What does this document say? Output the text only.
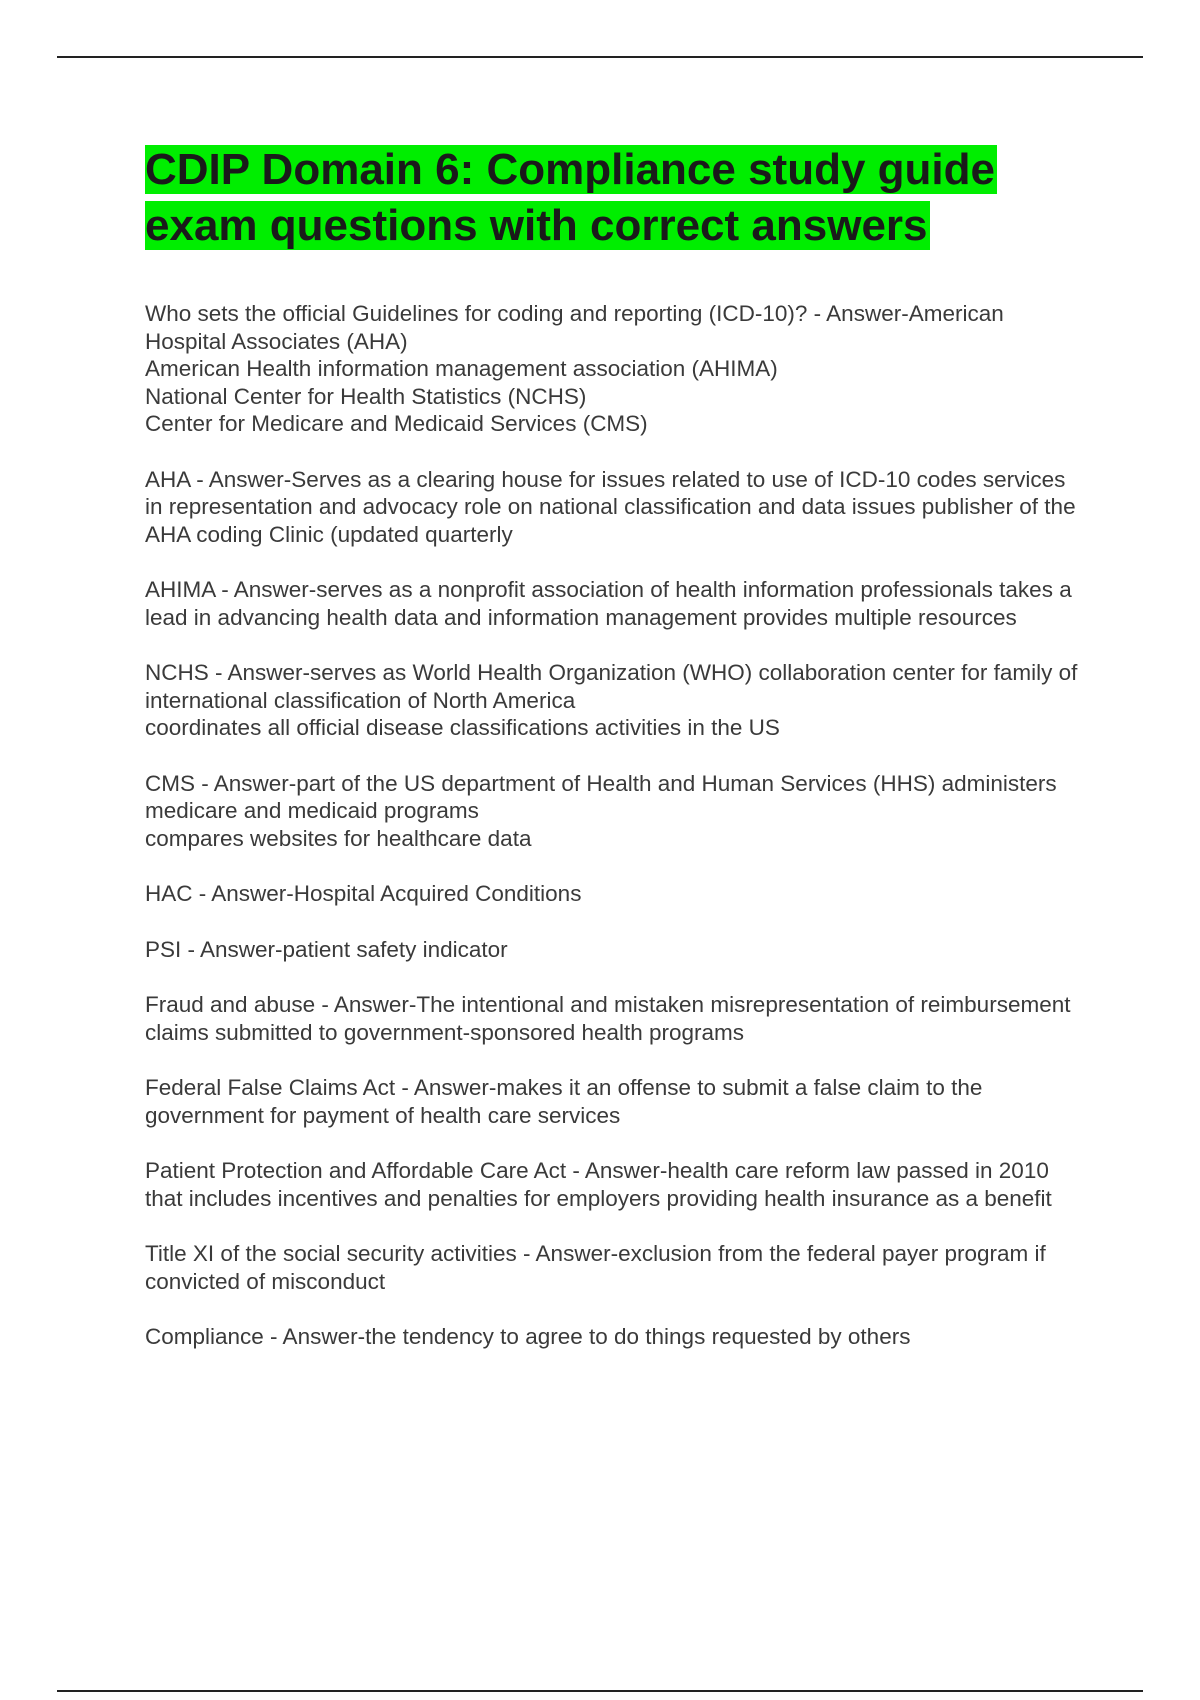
CDIP Domain 6: Compliance study guide exam questions with correct answers
Who sets the official Guidelines for coding and reporting (ICD-10)? - Answer-American Hospital Associates (AHA)
American Health information management association (AHIMA)
National Center for Health Statistics (NCHS)
Center for Medicare and Medicaid Services (CMS)
AHA - Answer-Serves as a clearing house for issues related to use of ICD-10 codes services in representation and advocacy role on national classification and data issues publisher of the AHA coding Clinic (updated quarterly
AHIMA - Answer-serves as a nonprofit association of health information professionals takes a lead in advancing health data and information management provides multiple resources
NCHS - Answer-serves as World Health Organization (WHO) collaboration center for family of international classification of North America
coordinates all official disease classifications activities in the US
CMS - Answer-part of the US department of Health and Human Services (HHS) administers medicare and medicaid programs
compares websites for healthcare data
HAC - Answer-Hospital Acquired Conditions
PSI - Answer-patient safety indicator
Fraud and abuse - Answer-The intentional and mistaken misrepresentation of reimbursement claims submitted to government-sponsored health programs
Federal False Claims Act - Answer-makes it an offense to submit a false claim to the government for payment of health care services
Patient Protection and Affordable Care Act - Answer-health care reform law passed in 2010 that includes incentives and penalties for employers providing health insurance as a benefit
Title XI of the social security activities - Answer-exclusion from the federal payer program if convicted of misconduct
Compliance - Answer-the tendency to agree to do things requested by others
